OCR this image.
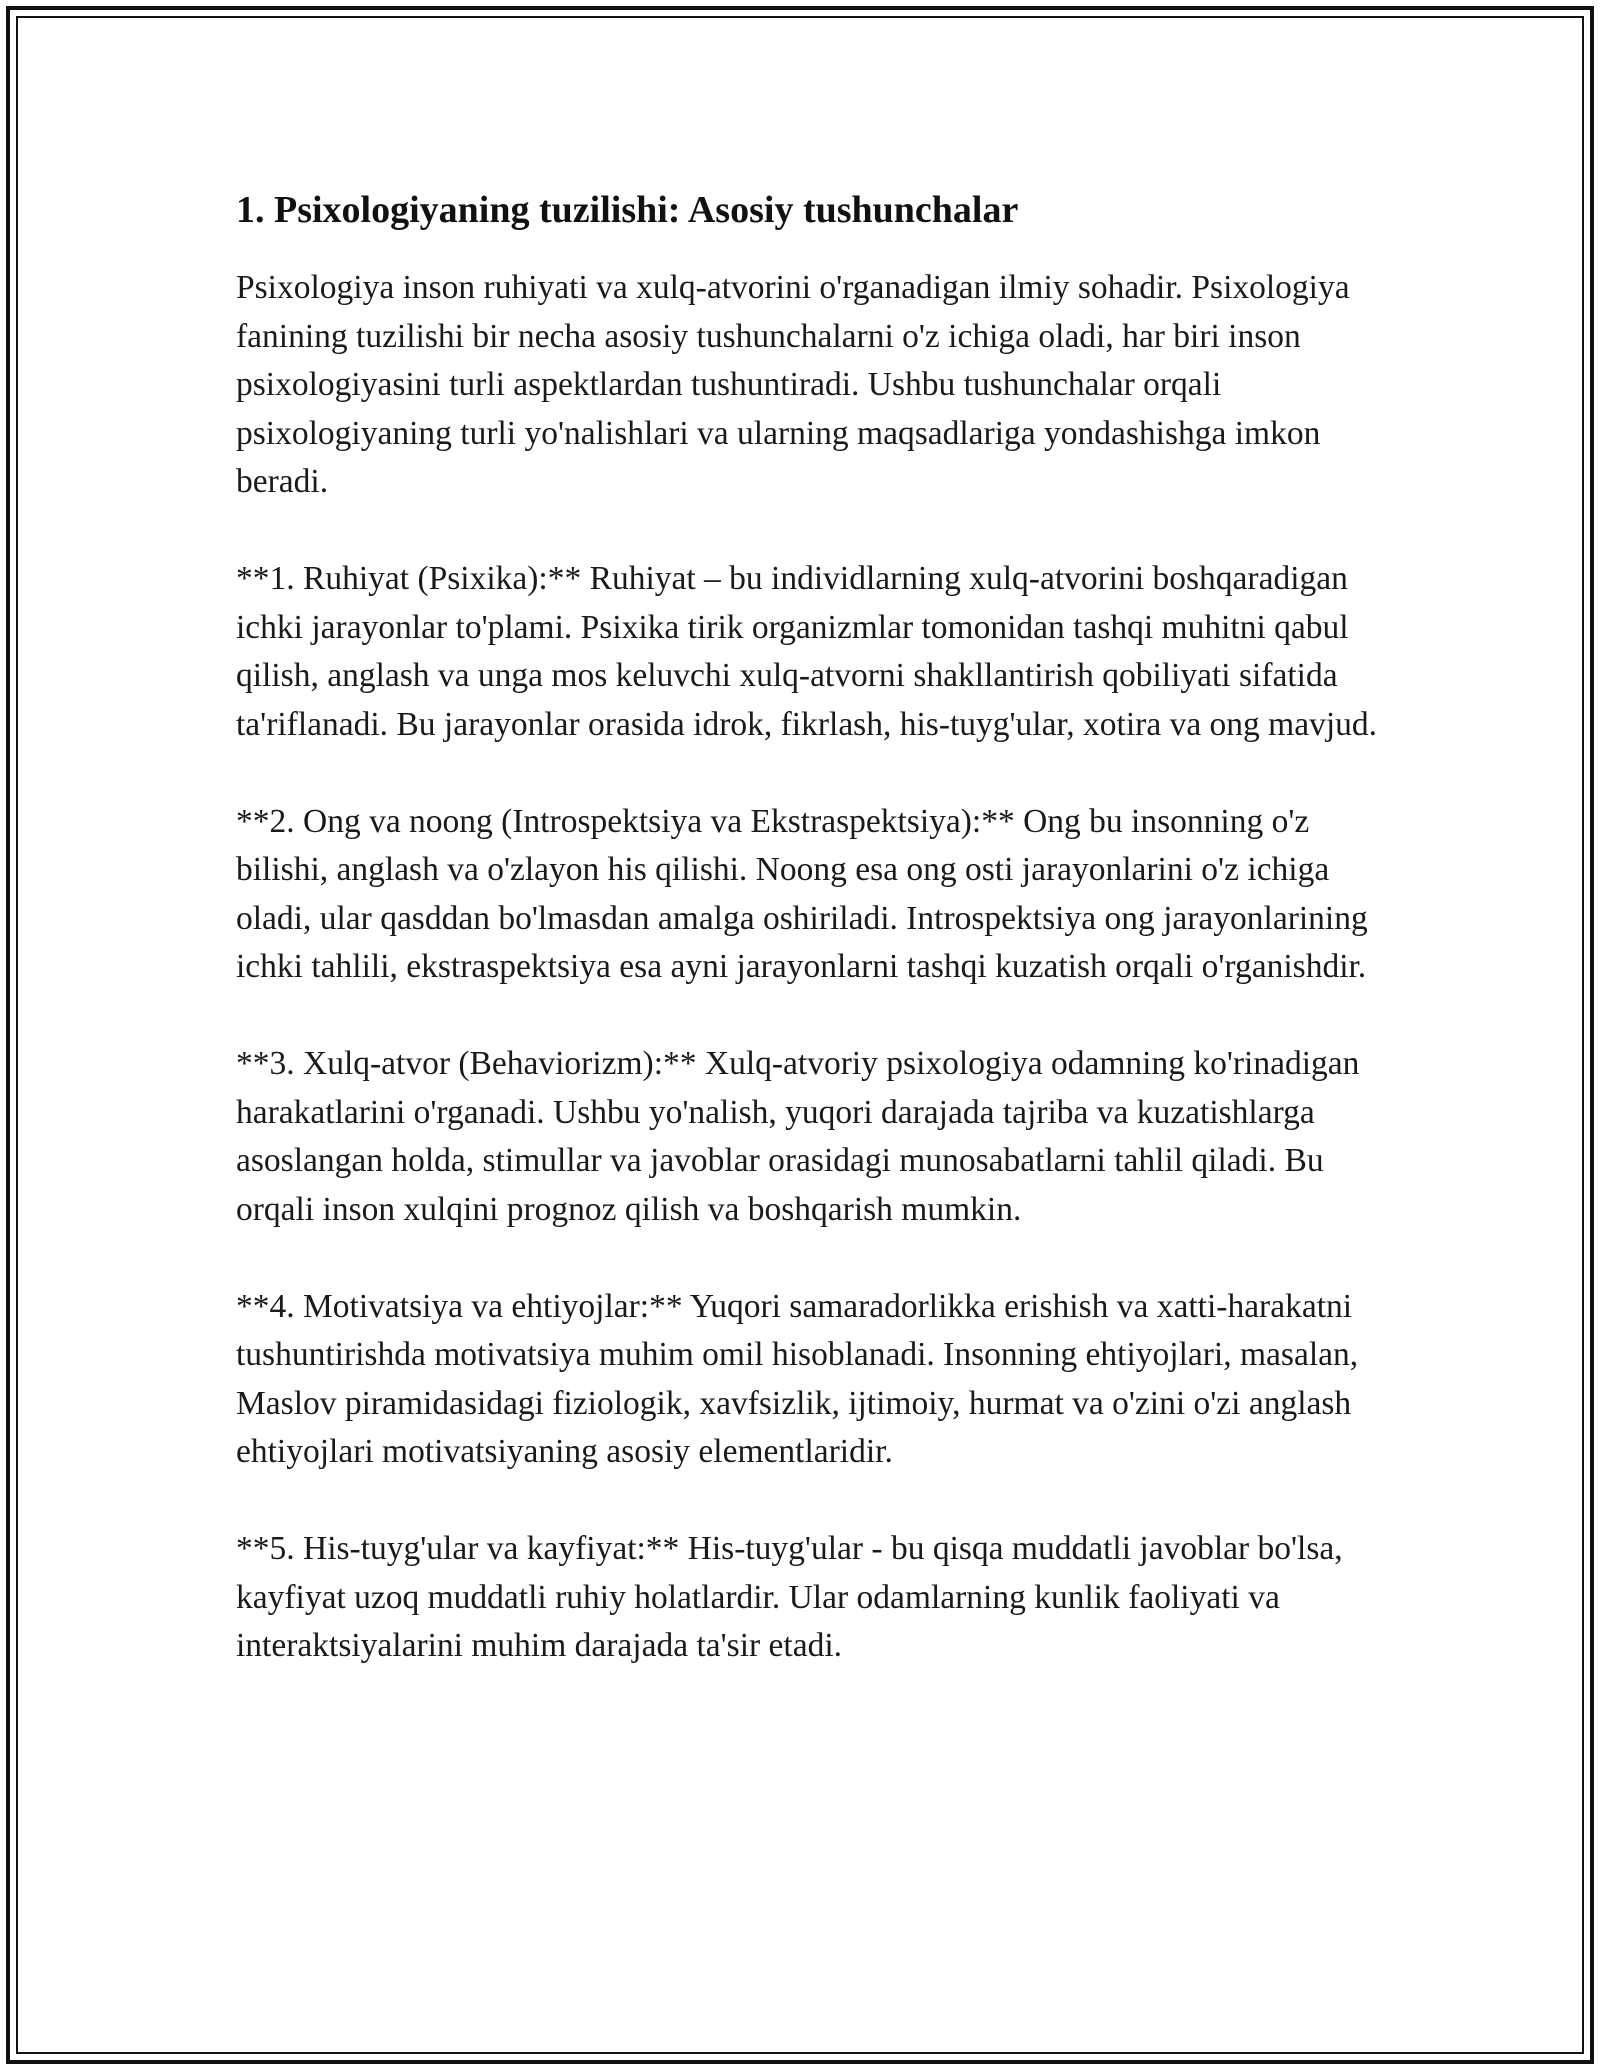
1. Psixologiyaning tuzilishi: Asosiy tushunchalar

Psixologiya inson ruhiyati va xulq-atvorini o'rganadigan ilmiy sohadir. Psixologiya fanining tuzilishi bir necha asosiy tushunchalarni o'z ichiga oladi, har biri inson psixologiyasini turli aspektlardan tushuntiradi. Ushbu tushunchalar orqali psixologiyaning turli yo'nalishlari va ularning maqsadlariga yondashishga imkon beradi.

**1. Ruhiyat (Psixika):** Ruhiyat – bu individlarning xulq-atvorini boshqaradigan ichki jarayonlar to'plami. Psixika tirik organizmlar tomonidan tashqi muhitni qabul qilish, anglash va unga mos keluvchi xulq-atvorni shakllantirish qobiliyati sifatida ta'riflanadi. Bu jarayonlar orasida idrok, fikrlash, his-tuyg'ular, xotira va ong mavjud.

**2. Ong va noong (Introspektsiya va Ekstraspektsiya):** Ong bu insonning o'z bilishi, anglash va o'zlayon his qilishi. Noong esa ong osti jarayonlarini o'z ichiga oladi, ular qasddan bo'lmasdan amalga oshiriladi. Introspektsiya ong jarayonlarining ichki tahlili, ekstraspektsiya esa ayni jarayonlarni tashqi kuzatish orqali o'rganishdir.

**3. Xulq-atvor (Behaviorizm):** Xulq-atvoriy psixologiya odamning ko'rinadigan harakatlarini o'rganadi. Ushbu yo'nalish, yuqori darajada tajriba va kuzatishlarga asoslangan holda, stimullar va javoblar orasidagi munosabatlarni tahlil qiladi. Bu orqali inson xulqini prognoz qilish va boshqarish mumkin.

**4. Motivatsiya va ehtiyojlar:** Yuqori samaradorlikka erishish va xatti-harakatni tushuntirishda motivatsiya muhim omil hisoblanadi. Insonning ehtiyojlari, masalan, Maslov piramidasidagi fiziologik, xavfsizlik, ijtimoiy, hurmat va o'zini o'zi anglash ehtiyojlari motivatsiyaning asosiy elementlaridir.

**5. His-tuyg'ular va kayfiyat:** His-tuyg'ular - bu qisqa muddatli javoblar bo'lsa, kayfiyat uzoq muddatli ruhiy holatlardir. Ular odamlarning kunlik faoliyati va interaktsiyalarini muhim darajada ta'sir etadi.
